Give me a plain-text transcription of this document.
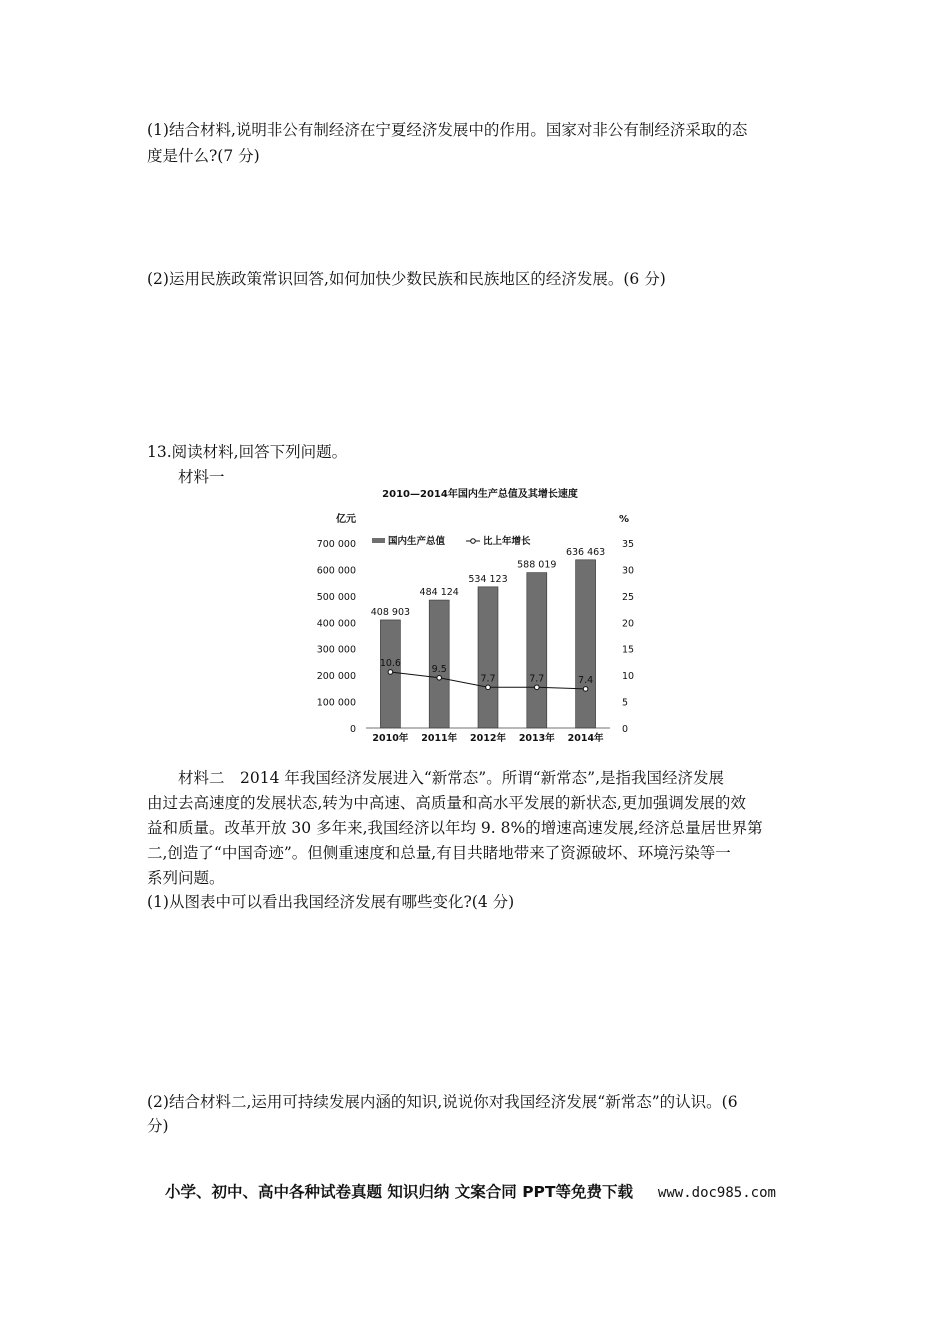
(1)结合材料,说明非公有制经济在宁夏经济发展中的作用。国家对非公有制经济采取的态
度是什么?(7 分)
(2)运用民族政策常识回答,如何加快少数民族和民族地区的经济发展。(6 分)
13.阅读材料,回答下列问题。
材料一
2010—2014年国内生产总值及其增长速度
亿元	%
700 000
600 000
500 000
400 000
300 000
200 000
100 000
0
35
30
25
20
15
10
5
0
国内生产总值	比上年增长
408 903
484 124
534 123
588 019
636 463
2010年 2011年 2012年 2013年 2014年
10.6
9.5
7.7	7.7	7.4
材料二　2014 年我国经济发展进入“新常态”。所谓“新常态”,是指我国经济发展
由过去高速度的发展状态,转为中高速、高质量和高水平发展的新状态,更加强调发展的效
益和质量。改革开放 30 多年来,我国经济以年均 9. 8%的增速高速发展,经济总量居世界第
二,创造了“中国奇迹”。但侧重速度和总量,有目共睹地带来了资源破坏、环境污染等一
系列问题。
(1)从图表中可以看出我国经济发展有哪些变化?(4 分)
(2)结合材料二,运用可持续发展内涵的知识,说说你对我国经济发展“新常态”的认识。(6
分)
小学、初中、高中各种试卷真题 知识归纳 文案合同 PPT等免费下载 www.doc985.com
